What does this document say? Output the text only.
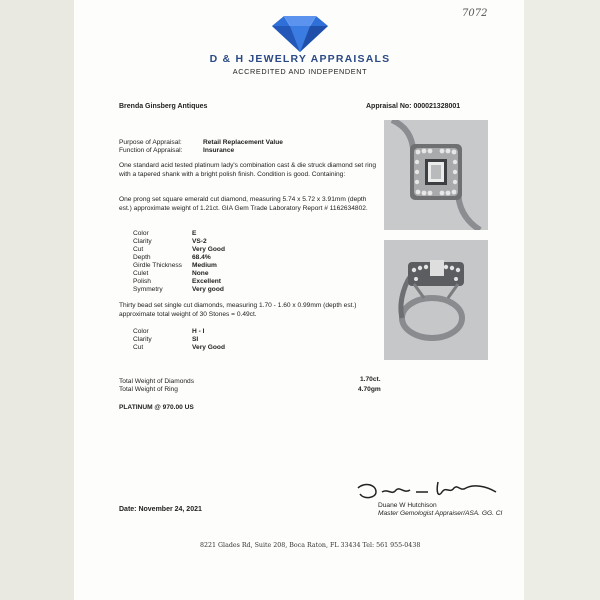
7072
D & H JEWELRY APPRAISALS
ACCREDITED AND INDEPENDENT
Brenda Ginsberg Antiques	Appraisal No: 000021328001
Purpose of Appraisal:	Retail Replacement Value
Function of Appraisal:	Insurance
One standard acid tested platinum lady's combination cast & die struck diamond set ring with a tapered shank with a bright polish finish. Condition is good. Containing:
One prong set square emerald cut diamond, measuring 5.74 x 5.72 x 3.91mm (depth est.) approximate weight of 1.21ct. GIA Gem Trade Laboratory Report # 1162634802.
Color	E
Clarity	VS-2
Cut	Very Good
Depth	68.4%
Girdle Thickness Medium
Culet	None
Polish	Excellent
Symmetry	Very good
Thirty bead set single cut diamonds, measuring 1.70 - 1.60 x 0.99mm (depth est.) approximate total weight of 30 Stones = 0.49ct.
Color	H - I
Clarity	SI
Cut	Very Good
Total Weight of Diamonds	1.70ct.
Total Weight of Ring	4.70gm
PLATINUM @ 970.00 US
Duane W Hutchison
Master Gemologist Appraiser/ASA. GG. CI
Date: November 24, 2021
8221 Glades Rd, Suite 208, Boca Raton, FL 33434 Tel: 561 955-0438
